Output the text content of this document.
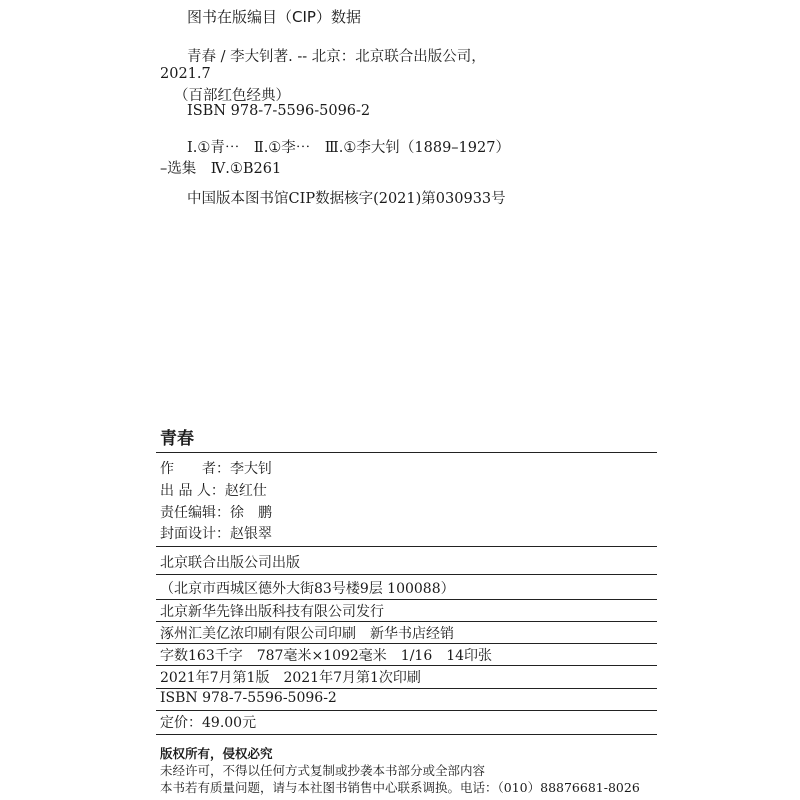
图书在版编目（CIP）数据
青春 / 李大钊著. -- 北京：北京联合出版公司，
2021.7
（百部红色经典）
ISBN 978-7-5596-5096-2
Ⅰ.①青⋯　Ⅱ.①李⋯　Ⅲ.①李大钊（1889–1927）
–选集　Ⅳ.①B261
中国版本图书馆CIP数据核字(2021)第030933号
青春
作　　者：李大钊
出 品 人：赵红仕
责任编辑：徐　鹏
封面设计：赵银翠
北京联合出版公司出版
（北京市西城区德外大街83号楼9层 100088）
北京新华先锋出版科技有限公司发行
涿州汇美亿浓印刷有限公司印刷　新华书店经销
字数163千字　787毫米×1092毫米　1/16　14印张
2021年7月第1版　2021年7月第1次印刷
ISBN 978-7-5596-5096-2
定价：49.00元
版权所有，侵权必究
未经许可，不得以任何方式复制或抄袭本书部分或全部内容
本书若有质量问题，请与本社图书销售中心联系调换。电话：（010）88876681-8026
